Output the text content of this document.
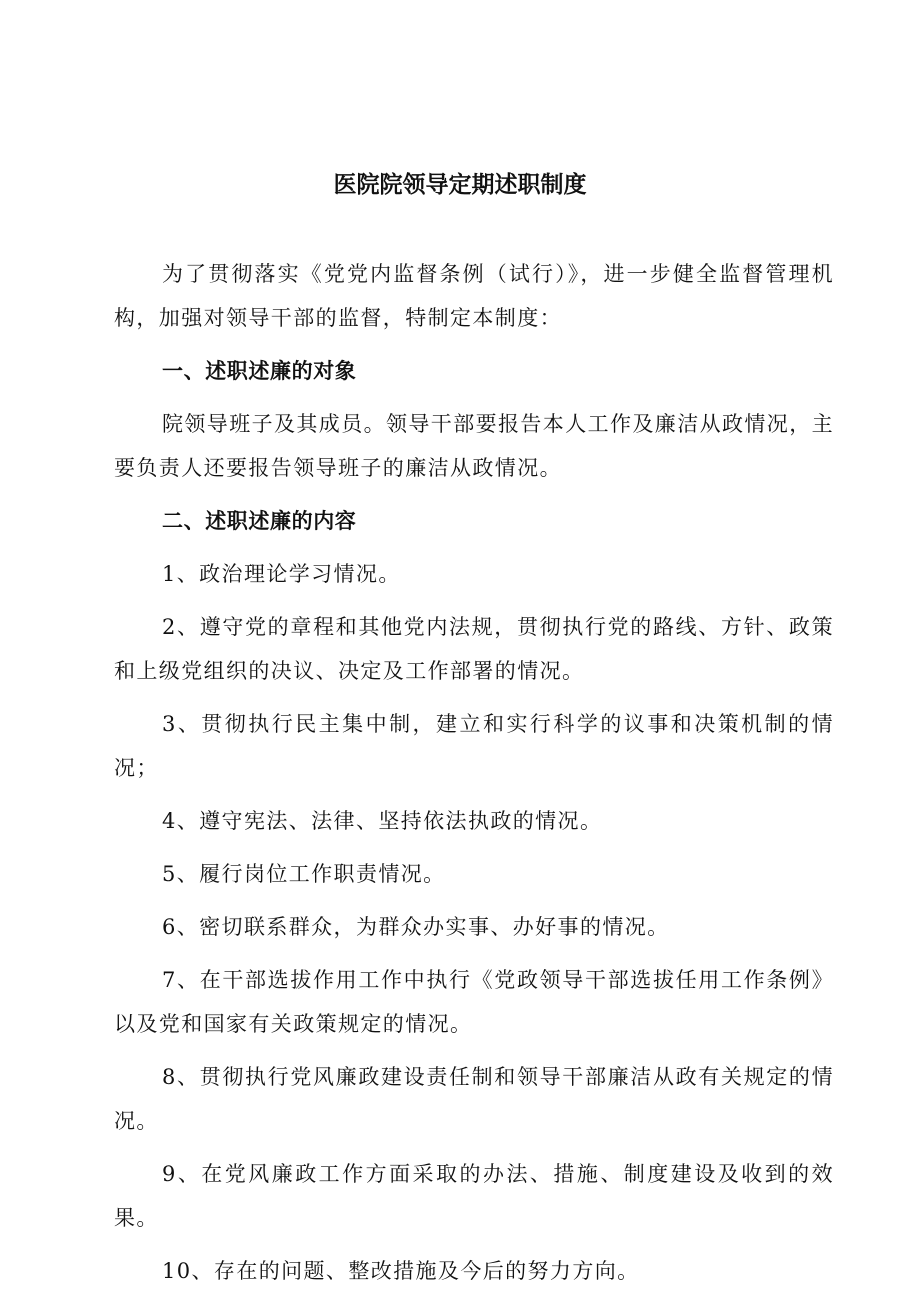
医院院领导定期述职制度

为了贯彻落实《党党内监督条例（试行）》，进一步健全监督管理机构，加强对领导干部的监督，特制定本制度：

一、述职述廉的对象

院领导班子及其成员。领导干部要报告本人工作及廉洁从政情况，主要负责人还要报告领导班子的廉洁从政情况。

二、述职述廉的内容

1、政治理论学习情况。

2、遵守党的章程和其他党内法规，贯彻执行党的路线、方针、政策和上级党组织的决议、决定及工作部署的情况。

3、贯彻执行民主集中制，建立和实行科学的议事和决策机制的情况；

4、遵守宪法、法律、坚持依法执政的情况。

5、履行岗位工作职责情况。

6、密切联系群众，为群众办实事、办好事的情况。

7、在干部选拔作用工作中执行《党政领导干部选拔任用工作条例》以及党和国家有关政策规定的情况。

8、贯彻执行党风廉政建设责任制和领导干部廉洁从政有关规定的情况。

9、在党风廉政工作方面采取的办法、措施、制度建设及收到的效果。

10、存在的问题、整改措施及今后的努力方向。
